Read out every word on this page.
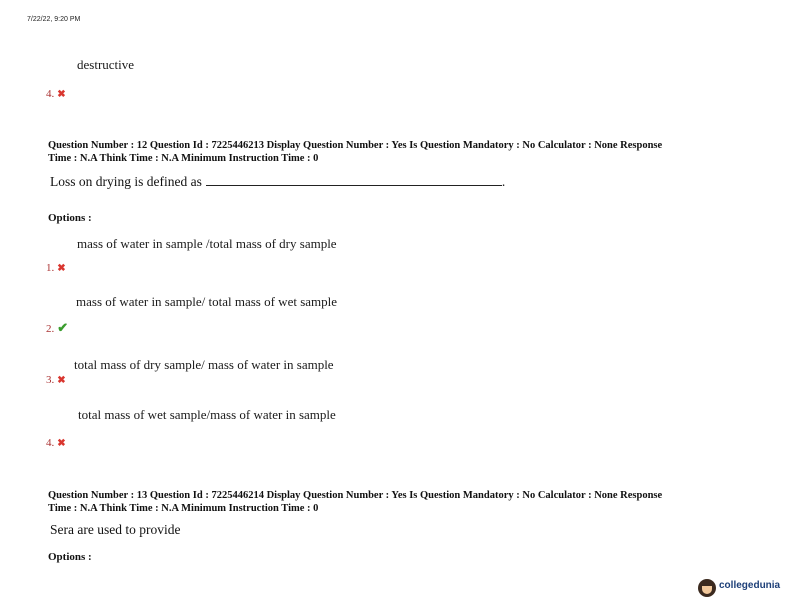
7/22/22, 9:20 PM
destructive
4. ✖
Question Number : 12 Question Id : 7225446213 Display Question Number : Yes Is Question Mandatory : No Calculator : None Response
Time : N.A Think Time : N.A Minimum Instruction Time : 0
Loss on drying is defined as	.
Options :
mass of water in sample /total mass of dry sample
1. ✖
mass of water in sample/ total mass of wet sample
2. ✔
total mass of dry sample/ mass of water in sample
3. ✖
total mass of wet sample/mass of water in sample
4. ✖
Question Number : 13 Question Id : 7225446214 Display Question Number : Yes Is Question Mandatory : No Calculator : None Response
Time : N.A Think Time : N.A Minimum Instruction Time : 0
Sera are used to provide
Options :
collegedunia
